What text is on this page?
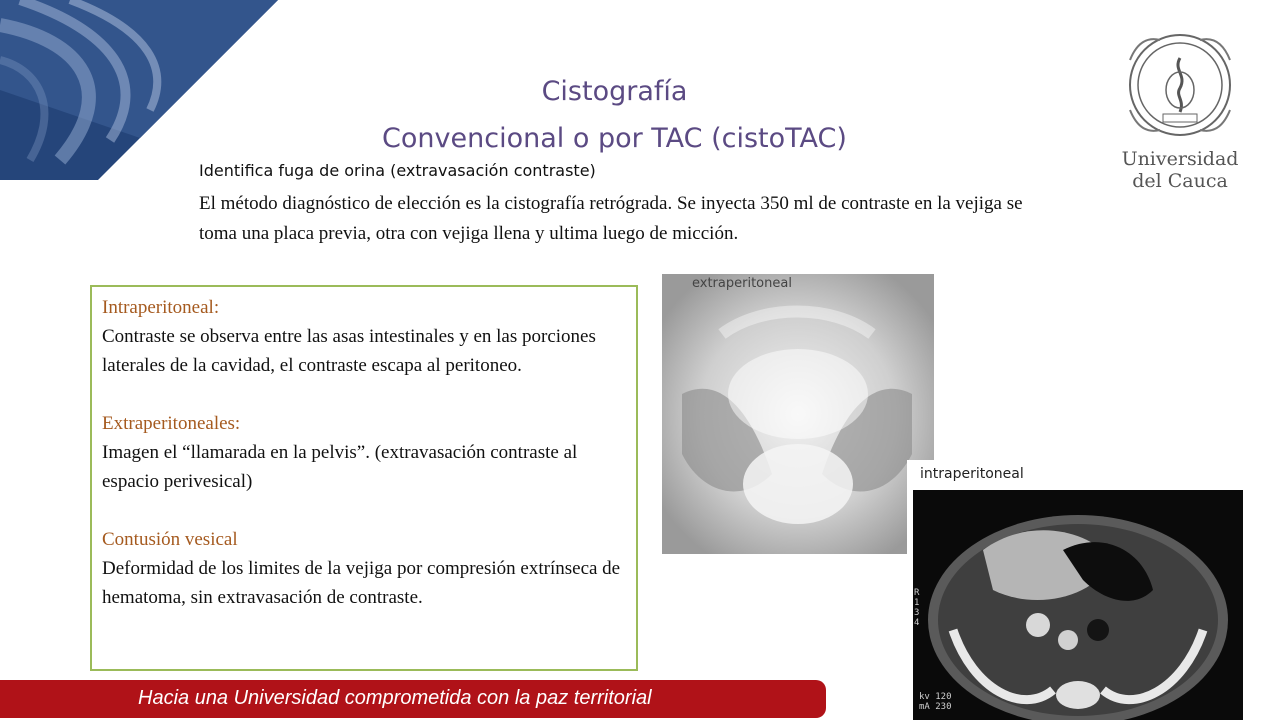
Cistografía
Convencional o por TAC (cistoTAC)
Identifica fuga de orina (extravasación contraste)
El método diagnóstico de elección es la cistografía retrógrada. Se inyecta 350 ml de contraste en la vejiga se toma una placa previa, otra con vejiga llena y ultima luego de micción.
Universidad
del Cauca
Intraperitoneal:
Contraste se observa entre las asas intestinales y en las porciones laterales de la cavidad, el contraste escapa al peritoneo.
Extraperitoneales:
Imagen el “llamarada en la pelvis”. (extravasación contraste al espacio perivesical)
Contusión vesical
Deformidad de los limites de la vejiga por compresión extrínseca de hematoma, sin extravasación de contraste.
extraperitoneal
intraperitoneal
R
1
3
4
kv 120
mA 230
Hacia una Universidad comprometida con la paz territorial
